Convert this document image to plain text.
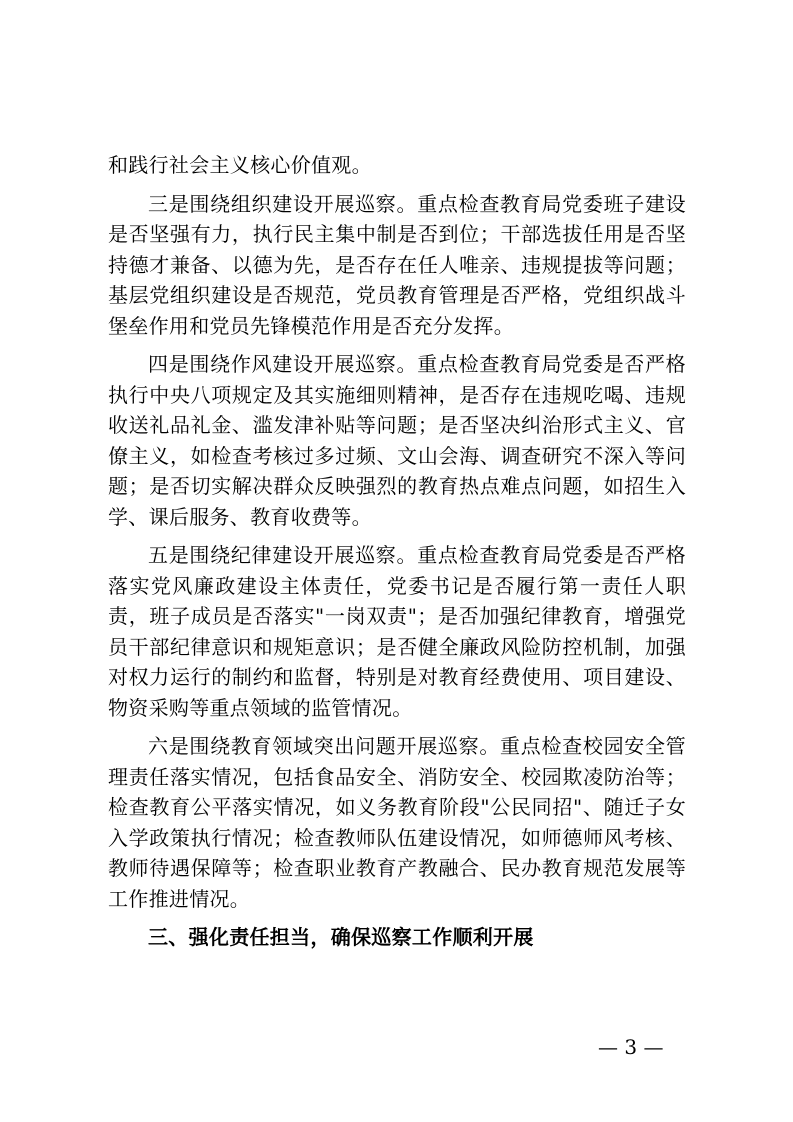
和践行社会主义核心价值观。

三是围绕组织建设开展巡察。重点检查教育局党委班子建设是否坚强有力，执行民主集中制是否到位；干部选拔任用是否坚持德才兼备、以德为先，是否存在任人唯亲、违规提拔等问题；基层党组织建设是否规范，党员教育管理是否严格，党组织战斗堡垒作用和党员先锋模范作用是否充分发挥。

四是围绕作风建设开展巡察。重点检查教育局党委是否严格执行中央八项规定及其实施细则精神，是否存在违规吃喝、违规收送礼品礼金、滥发津补贴等问题；是否坚决纠治形式主义、官僚主义，如检查考核过多过频、文山会海、调查研究不深入等问题；是否切实解决群众反映强烈的教育热点难点问题，如招生入学、课后服务、教育收费等。

五是围绕纪律建设开展巡察。重点检查教育局党委是否严格落实党风廉政建设主体责任，党委书记是否履行第一责任人职责，班子成员是否落实"一岗双责"；是否加强纪律教育，增强党员干部纪律意识和规矩意识；是否健全廉政风险防控机制，加强对权力运行的制约和监督，特别是对教育经费使用、项目建设、物资采购等重点领域的监管情况。

六是围绕教育领域突出问题开展巡察。重点检查校园安全管理责任落实情况，包括食品安全、消防安全、校园欺凌防治等；检查教育公平落实情况，如义务教育阶段"公民同招"、随迁子女入学政策执行情况；检查教师队伍建设情况，如师德师风考核、教师待遇保障等；检查职业教育产教融合、民办教育规范发展等工作推进情况。

三、强化责任担当，确保巡察工作顺利开展

— 3 —
